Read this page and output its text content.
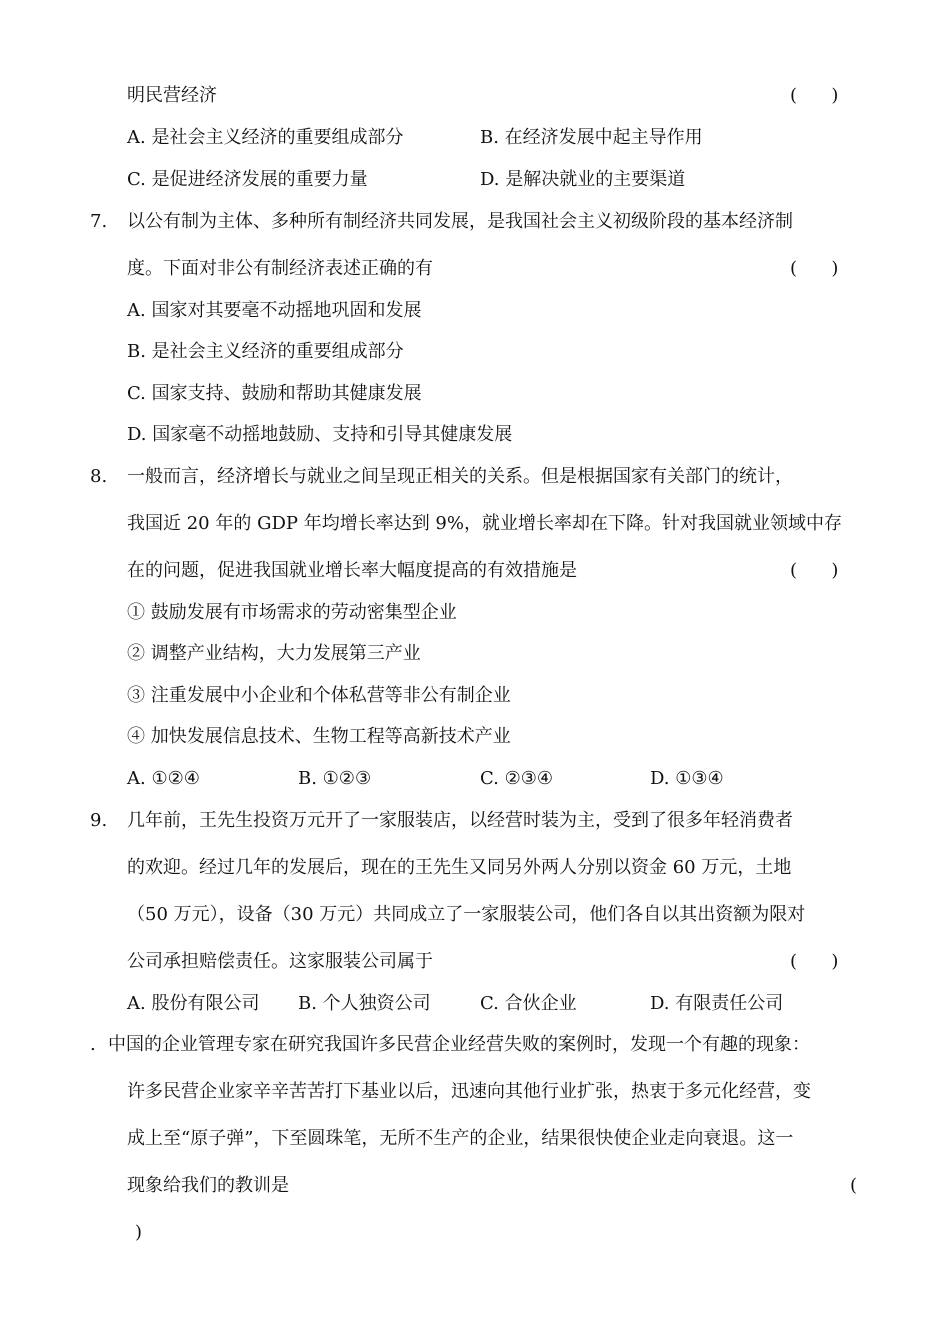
明民营经济	(      )
A. 是社会主义经济的重要组成部分	B. 在经济发展中起主导作用
C. 是促进经济发展的重要力量	D. 是解决就业的主要渠道
7. 以公有制为主体、多种所有制经济共同发展，是我国社会主义初级阶段的基本经济制
度。下面对非公有制经济表述正确的有	(      )
A. 国家对其要毫不动摇地巩固和发展
B. 是社会主义经济的重要组成部分
C. 国家支持、鼓励和帮助其健康发展
D. 国家毫不动摇地鼓励、支持和引导其健康发展
8. 一般而言，经济增长与就业之间呈现正相关的关系。但是根据国家有关部门的统计，
我国近 20 年的 GDP 年均增长率达到 9%，就业增长率却在下降。针对我国就业领域中存
在的问题，促进我国就业增长率大幅度提高的有效措施是	(      )
① 鼓励发展有市场需求的劳动密集型企业
② 调整产业结构，大力发展第三产业
③ 注重发展中小企业和个体私营等非公有制企业
④ 加快发展信息技术、生物工程等高新技术产业
A. ①②④	B. ①②③	C. ②③④	D. ①③④
9. 几年前，王先生投资万元开了一家服装店，以经营时装为主，受到了很多年轻消费者
的欢迎。经过几年的发展后，现在的王先生又同另外两人分别以资金 60 万元，土地
（50 万元），设备（30 万元）共同成立了一家服装公司，他们各自以其出资额为限对
公司承担赔偿责任。这家服装公司属于	(      )
A. 股份有限公司 B. 个人独资公司	C. 合伙企业	D. 有限责任公司
. 中国的企业管理专家在研究我国许多民营企业经营失败的案例时，发现一个有趣的现象：
许多民营企业家辛辛苦苦打下基业以后，迅速向其他行业扩张，热衷于多元化经营，变
成上至“原子弹”，下至圆珠笔，无所不生产的企业，结果很快使企业走向衰退。这一
现象给我们的教训是	(
)
